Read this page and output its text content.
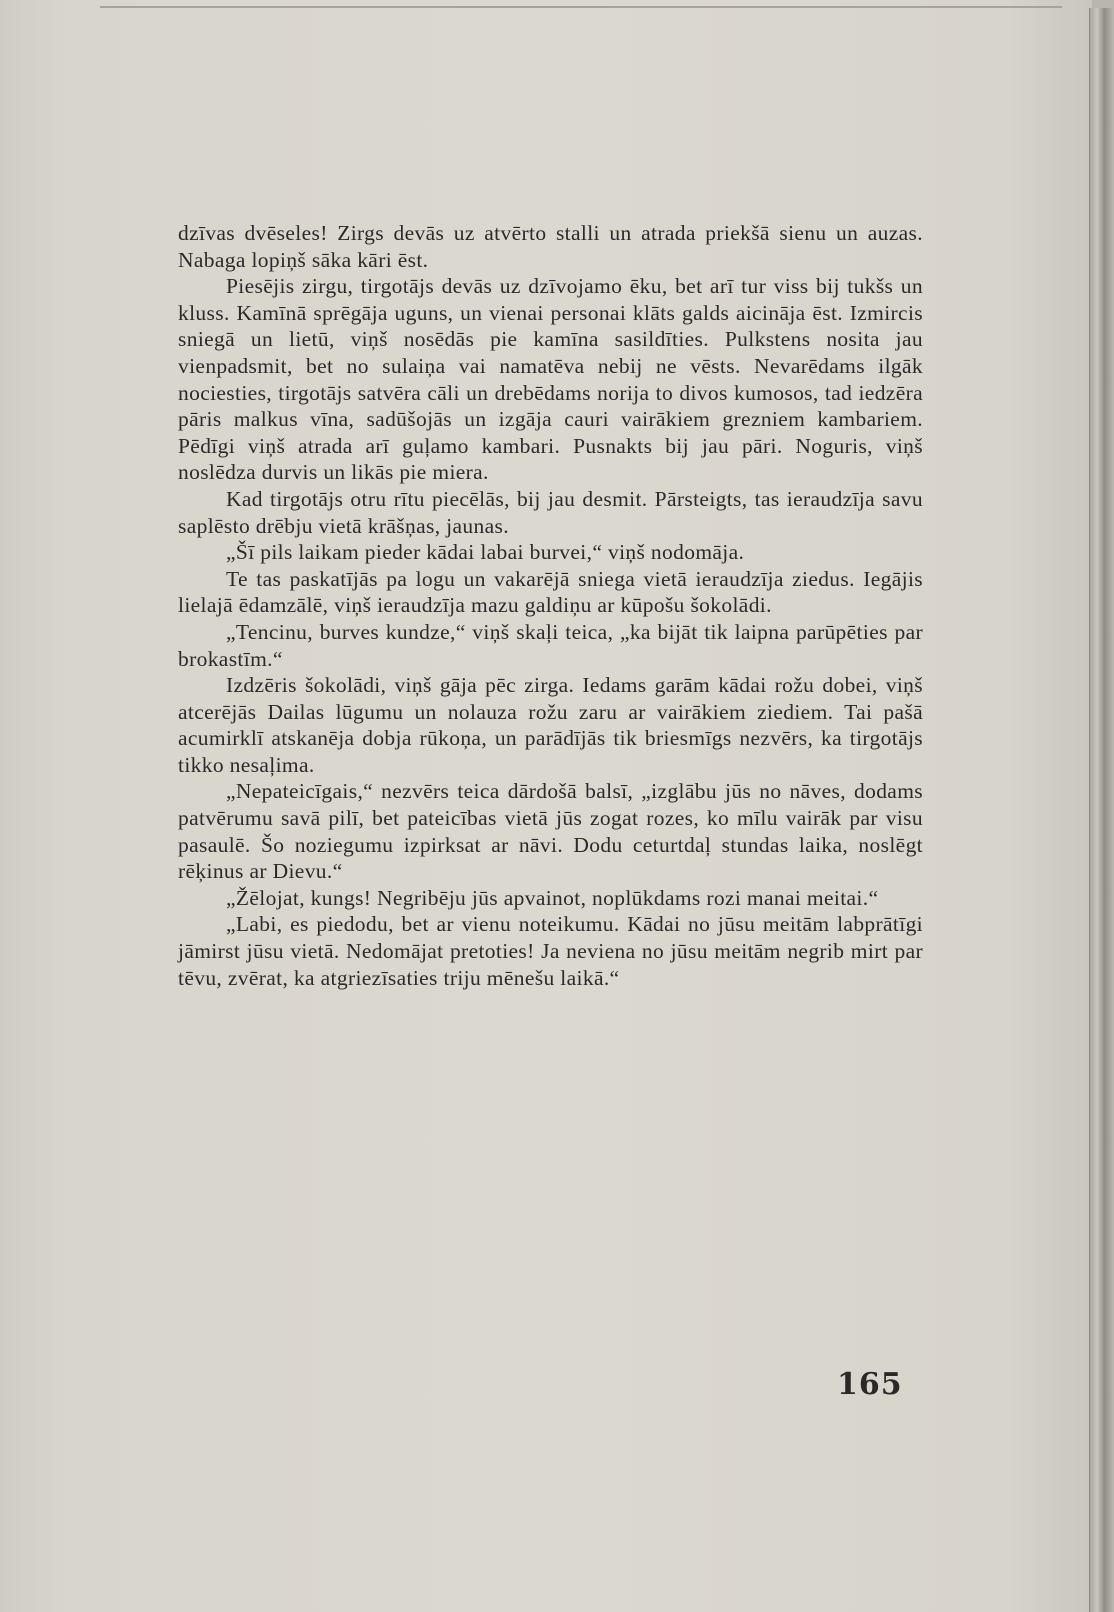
dzīvas dvēseles! Zirgs devās uz atvērto stalli un atrada priekšā sienu un auzas. Nabaga lopiņš sāka kāri ēst.

Piesējis zirgu, tirgotājs devās uz dzīvojamo ēku, bet arī tur viss bij tukšs un kluss. Kamīnā sprēgāja uguns, un vienai personai klāts galds aicināja ēst. Izmircis sniegā un lietū, viņš nosēdās pie kamīna sasildīties. Pulkstens nosita jau vienpadsmit, bet no sulaiņa vai namatēva nebij ne vēsts. Nevarēdams ilgāk nociesties, tirgotājs satvēra cāli un drebēdams norija to divos kumosos, tad iedzēra pāris malkus vīna, sadūšojās un izgāja cauri vairākiem grezniem kambariem. Pēdīgi viņš atrada arī guļamo kambari. Pusnakts bij jau pāri. Noguris, viņš noslēdza durvis un likās pie miera.

Kad tirgotājs otru rītu piecēlās, bij jau desmit. Pārsteigts, tas ieraudzīja savu saplēsto drēbju vietā krāšņas, jaunas.

„Šī pils laikam pieder kādai labai burvei,“ viņš nodomāja.

Te tas paskatījās pa logu un vakarējā sniega vietā ieraudzīja ziedus. Iegājis lielajā ēdamzālē, viņš ieraudzīja mazu galdiņu ar kūpošu šokolādi.

„Tencinu, burves kundze,“ viņš skaļi teica, „ka bijāt tik laipna parūpēties par brokastīm.“

Izdzēris šokolādi, viņš gāja pēc zirga. Iedams garām kādai rožu dobei, viņš atcerējās Dailas lūgumu un nolauza rožu zaru ar vairākiem ziediem. Tai pašā acumirklī atskanēja dobja rūkoņa, un parādījās tik briesmīgs nezvērs, ka tirgotājs tikko nesaļima.

„Nepateicīgais,“ nezvērs teica dārdošā balsī, „izglābu jūs no nāves, dodams patvērumu savā pilī, bet pateicības vietā jūs zogat rozes, ko mīlu vairāk par visu pasaulē. Šo noziegumu izpirksat ar nāvi. Dodu ceturtdaļ stundas laika, noslēgt rēķinus ar Dievu.“

„Žēlojat, kungs! Negribēju jūs apvainot, noplūkdams rozi manai meitai.“

„Labi, es piedodu, bet ar vienu noteikumu. Kādai no jūsu meitām labprātīgi jāmirst jūsu vietā. Nedomājat pretoties! Ja neviena no jūsu meitām negrib mirt par tēvu, zvērat, ka atgriezīsaties triju mēnešu laikā.“

165
